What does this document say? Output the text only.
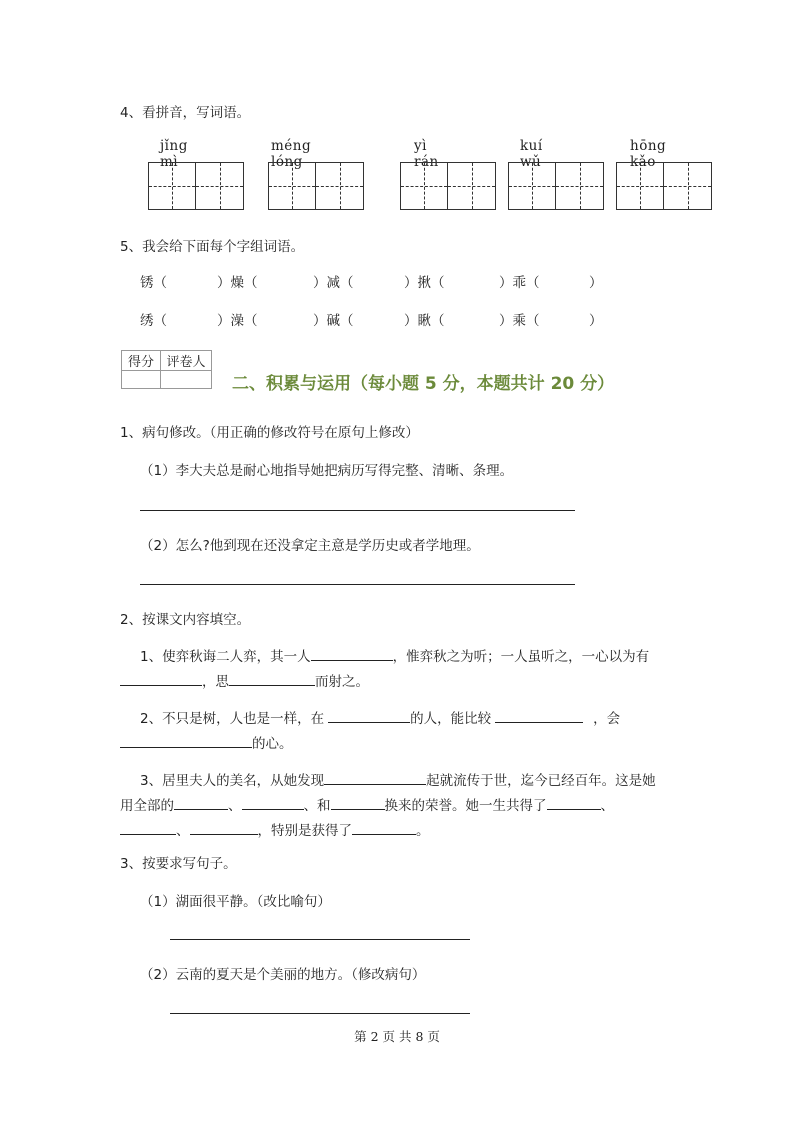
4、看拼音，写词语。
jǐng mì
méng lóng
yì rán
kuí wǔ
hōng kǎo
5、我会给下面每个字组词语。
锈（	）燥（	）减（	）揪（	）乖（	）
绣（	）澡（	）碱（	）瞅（	）乘（	）
得分	评卷人

二、积累与运用（每小题 5 分，本题共计 20 分）
1、病句修改。（用正确的修改符号在原句上修改）
（1）李大夫总是耐心地指导她把病历写得完整、清晰、条理。
（2）怎么?他到现在还没拿定主意是学历史或者学地理。
2、按课文内容填空。
1、使弈秋诲二人弈，其一人	，惟弈秋之为听；一人虽听之，一心以为有
，思	而射之。
2、不只是树，人也是一样，在	的人，能比较	，会
的心。
3、居里夫人的美名，从她发现	起就流传于世，迄今已经百年。这是她
用全部的	、	、和	换来的荣誉。她一生共得了	、
、	，特别是获得了	。
3、按要求写句子。
（1）湖面很平静。（改比喻句）
（2）云南的夏天是个美丽的地方。（修改病句）
第 2 页 共 8 页
